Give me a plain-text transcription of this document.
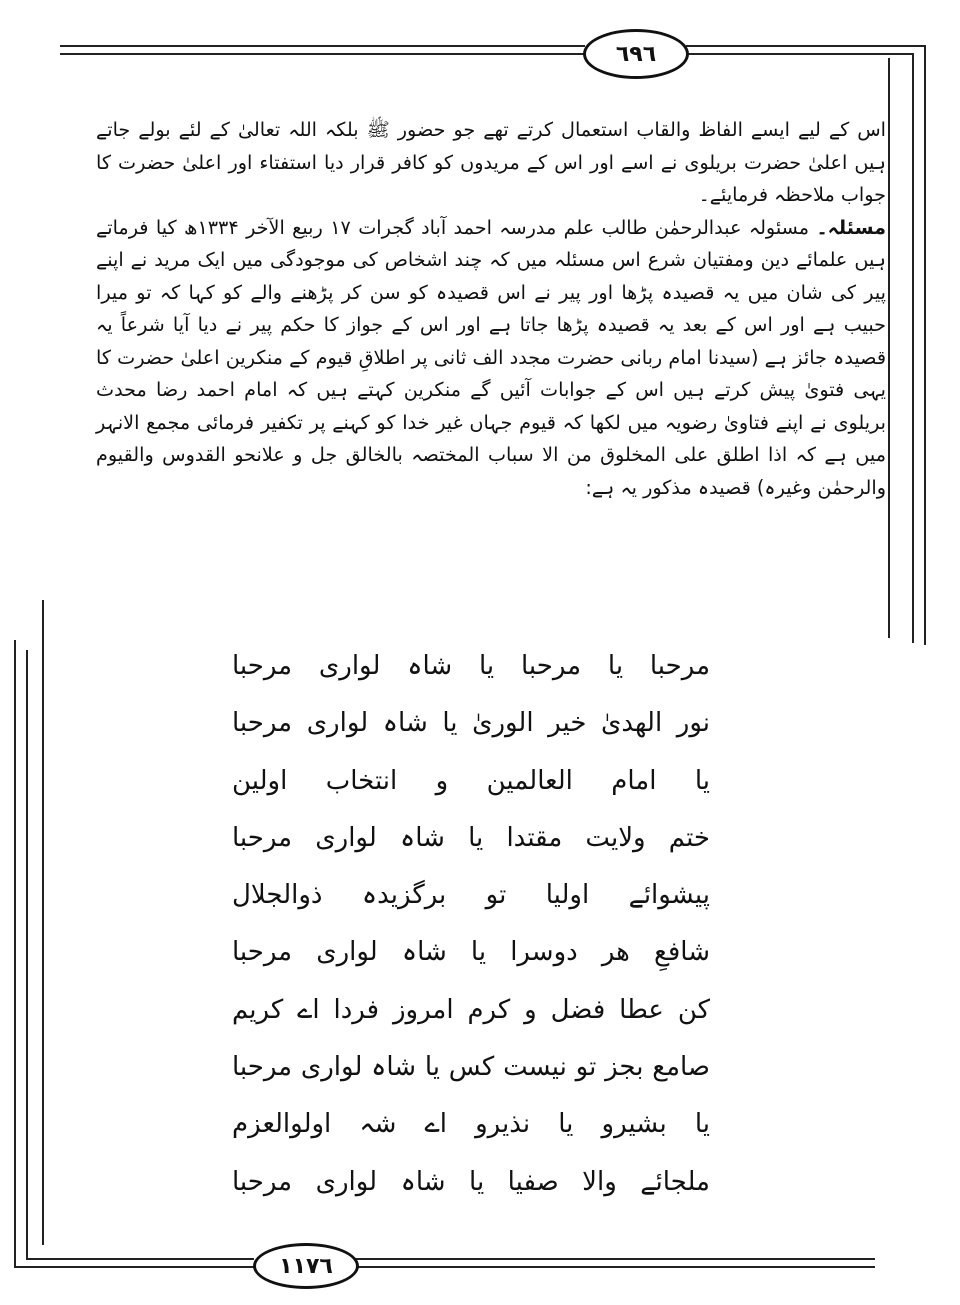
٦٩٦
١١٧٦

اس کے لیے ایسے الفاظ والقاب استعمال کرتے تھے جو حضور ﷺ بلکہ اللہ تعالیٰ کے لئے بولے جاتے ہیں اعلیٰ حضرت بریلوی نے اسے اور اس کے مریدوں کو کافر قرار دیا استفتاء اور اعلیٰ حضرت کا جواب ملاحظہ فرمایئے۔

مسئلہ۔ مسئولہ عبدالرحمٰن طالب علم مدرسہ احمد آباد گجرات ۱۷ ربیع الآخر ۱۳۳۴ھ کیا فرماتے ہیں علمائے دین ومفتیان شرع اس مسئلہ میں کہ چند اشخاص کی موجودگی میں ایک مرید نے اپنے پیر کی شان میں یہ قصیدہ پڑھا اور پیر نے اس قصیدہ کو سن کر پڑھنے والے کو کہا کہ تو میرا حبیب ہے اور اس کے بعد یہ قصیدہ پڑھا جاتا ہے اور اس کے جواز کا حکم پیر نے دیا آیا شرعاً یہ قصیدہ جائز ہے (سیدنا امام ربانی حضرت مجدد الف ثانی پر اطلاقِ قیوم کے منکرین اعلیٰ حضرت کا یہی فتویٰ پیش کرتے ہیں اس کے جوابات آئیں گے منکرین کہتے ہیں کہ امام احمد رضا محدث بریلوی نے اپنے فتاویٰ رضویہ میں لکھا کہ قیوم جہاں غیر خدا کو کہنے پر تکفیر فرمائی مجمع الانہر میں ہے کہ اذا اطلق علی المخلوق من الا سباب المختصہ بالخالق جل و علانحو القدوس والقیوم والرحمٰن وغیرہ) قصیدہ مذکور یہ ہے:

مرحبا یا مرحبا یا شاہ لواری مرحبا
نور الھدیٰ خیر الوریٰ یا شاہ لواری مرحبا
یا امام العالمین و انتخاب اولین
ختم ولایت مقتدا یا شاہ لواری مرحبا
پیشوائے اولیا تو برگزیدہ ذوالجلال
شافعِ ھر دوسرا یا شاہ لواری مرحبا
کن عطا فضل و کرم امروز فردا اے کریم
صامع بجز تو نیست کس یا شاہ لواری مرحبا
یا بشیرو یا نذیرو اے شہ اولوالعزم
ملجائے والا صفیا یا شاہ لواری مرحبا
